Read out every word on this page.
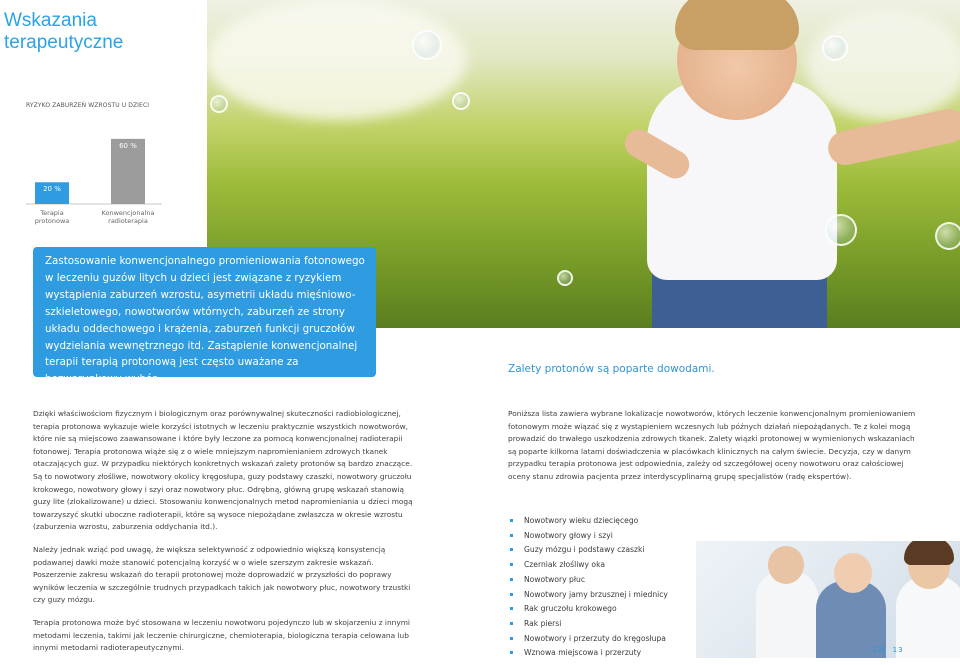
Wskazania terapeutyczne
RYZYKO ZABURZEŃ WZROSTU U DZIECI
20 %
Terapia protonowa
60 %
Konwencjonalna radioterapia

Zastosowanie konwencjonalnego promieniowania fotonowego w leczeniu guzów litych u dzieci jest związane z ryzykiem wystąpienia zaburzeń wzrostu, asymetrii układu mięśniowo-szkieletowego, nowotworów wtórnych, zaburzeń ze strony układu oddechowego i krążenia, zaburzeń funkcji gruczołów wydzielania wewnętrznego itd. Zastąpienie konwencjonalnej terapii terapią protonową jest często uważane za bezwarunkowy wybór.

Zalety protonów są poparte dowodami.

Dzięki właściwościom fizycznym i biologicznym oraz porównywalnej skuteczności radiobiologicznej, terapia protonowa wykazuje wiele korzyści istotnych w leczeniu praktycznie wszystkich nowotworów, które nie są miejscowo zaawansowane i które były leczone za pomocą konwencjonalnej radioterapii fotonowej. Terapia protonowa wiąże się z o wiele mniejszym napromienianiem zdrowych tkanek otaczających guz. W przypadku niektórych konkretnych wskazań zalety protonów są bardzo znaczące. Są to nowotwory złośliwe, nowotwory okolicy kręgosłupa, guzy podstawy czaszki, nowotwory gruczołu krokowego, nowotwory głowy i szyi oraz nowotwory płuc. Odrębną, główną grupę wskazań stanowią guzy lite (zlokalizowane) u dzieci. Stosowaniu konwencjonalnych metod napromieniania u dzieci mogą towarzyszyć skutki uboczne radioterapii, które są wysoce niepożądane zwłaszcza w okresie wzrostu (zaburzenia wzrostu, zaburzenia oddychania itd.).

Należy jednak wziąć pod uwagę, że większa selektywność z odpowiednio większą konsystencją podawanej dawki może stanowić potencjalną korzyść w o wiele szerszym zakresie wskazań. Poszerzenie zakresu wskazań do terapii protonowej może doprowadzić w przyszłości do poprawy wyników leczenia w szczególnie trudnych przypadkach takich jak nowotwory płuc, nowotwory trzustki czy guzy mózgu.

Terapia protonowa może być stosowana w leczeniu nowotworu pojedynczo lub w skojarzeniu z innymi metodami leczenia, takimi jak leczenie chirurgiczne, chemioterapia, biologiczna terapia celowana lub innymi metodami radioterapeutycznymi.

Poniższa lista zawiera wybrane lokalizacje nowotworów, których leczenie konwencjonalnym promieniowaniem fotonowym może wiązać się z wystąpieniem wczesnych lub późnych działań niepożądanych. Te z kolei mogą prowadzić do trwałego uszkodzenia zdrowych tkanek. Zalety wiązki protonowej w wymienionych wskazaniach są poparte kilkoma latami doświadczenia w placówkach klinicznych na całym świecie. Decyzja, czy w danym przypadku terapia protonowa jest odpowiednia, zależy od szczegółowej oceny nowotworu oraz całościowej oceny stanu zdrowia pacjenta przez interdyscyplinarną grupę specjalistów (radę ekspertów).

Nowotwory wieku dziecięcego
Nowotwory głowy i szyi
Guzy mózgu i podstawy czaszki
Czerniak złośliwy oka
Nowotwory płuc
Nowotwory jamy brzusznej i miednicy
Rak gruczołu krokowego
Rak piersi
Nowotwory i przerzuty do kręgosłupa
Wznowa miejscowa i przerzuty	12 13
